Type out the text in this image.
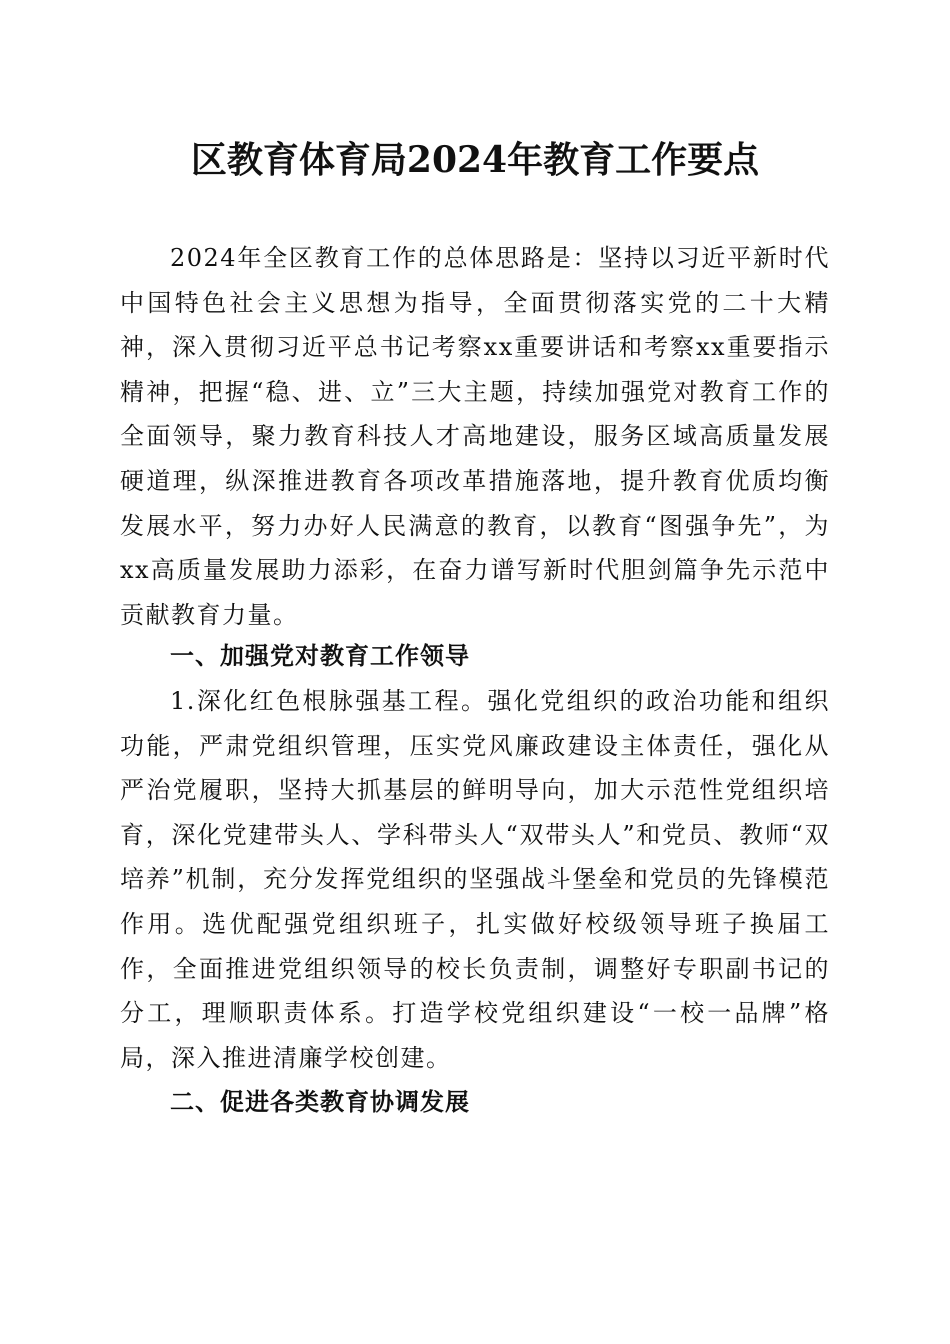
区教育体育局2024年教育工作要点

2024年全区教育工作的总体思路是：坚持以习近平新时代中国特色社会主义思想为指导，全面贯彻落实党的二十大精神，深入贯彻习近平总书记考察xx重要讲话和考察xx重要指示精神，把握“稳、进、立”三大主题，持续加强党对教育工作的全面领导，聚力教育科技人才高地建设，服务区域高质量发展硬道理，纵深推进教育各项改革措施落地，提升教育优质均衡发展水平，努力办好人民满意的教育，以教育“图强争先”，为xx高质量发展助力添彩，在奋力谱写新时代胆剑篇争先示范中贡献教育力量。

一、加强党对教育工作领导

1.深化红色根脉强基工程。强化党组织的政治功能和组织功能，严肃党组织管理，压实党风廉政建设主体责任，强化从严治党履职，坚持大抓基层的鲜明导向，加大示范性党组织培育，深化党建带头人、学科带头人“双带头人”和党员、教师“双培养”机制，充分发挥党组织的坚强战斗堡垒和党员的先锋模范作用。选优配强党组织班子，扎实做好校级领导班子换届工作，全面推进党组织领导的校长负责制，调整好专职副书记的分工，理顺职责体系。打造学校党组织建设“一校一品牌”格局，深入推进清廉学校创建。

二、促进各类教育协调发展
